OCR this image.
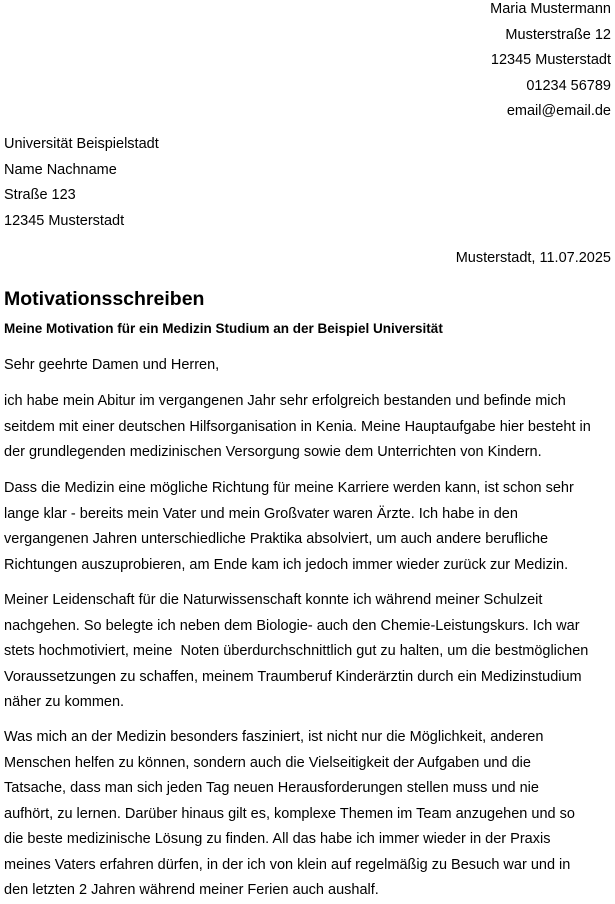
Maria Mustermann
Musterstraße 12
12345 Musterstadt
01234 56789
email@email.de
Universität Beispielstadt
Name Nachname
Straße 123
12345 Musterstadt
Musterstadt, 11.07.2025
Motivationsschreiben
Meine Motivation für ein Medizin Studium an der Beispiel Universität

Sehr geehrte Damen und Herren,

ich habe mein Abitur im vergangenen Jahr sehr erfolgreich bestanden und befinde mich
seitdem mit einer deutschen Hilfsorganisation in Kenia. Meine Hauptaufgabe hier besteht in
der grundlegenden medizinischen Versorgung sowie dem Unterrichten von Kindern.

Dass die Medizin eine mögliche Richtung für meine Karriere werden kann, ist schon sehr
lange klar - bereits mein Vater und mein Großvater waren Ärzte. Ich habe in den
vergangenen Jahren unterschiedliche Praktika absolviert, um auch andere berufliche
Richtungen auszuprobieren, am Ende kam ich jedoch immer wieder zurück zur Medizin.

Meiner Leidenschaft für die Naturwissenschaft konnte ich während meiner Schulzeit
nachgehen. So belegte ich neben dem Biologie- auch den Chemie-Leistungskurs. Ich war
stets hochmotiviert, meine  Noten überdurchschnittlich gut zu halten, um die bestmöglichen
Voraussetzungen zu schaffen, meinem Traumberuf Kinderärztin durch ein Medizinstudium
näher zu kommen.

Was mich an der Medizin besonders fasziniert, ist nicht nur die Möglichkeit, anderen
Menschen helfen zu können, sondern auch die Vielseitigkeit der Aufgaben und die
Tatsache, dass man sich jeden Tag neuen Herausforderungen stellen muss und nie
aufhört, zu lernen. Darüber hinaus gilt es, komplexe Themen im Team anzugehen und so
die beste medizinische Lösung zu finden. All das habe ich immer wieder in der Praxis
meines Vaters erfahren dürfen, in der ich von klein auf regelmäßig zu Besuch war und in
den letzten 2 Jahren während meiner Ferien auch aushalf.
